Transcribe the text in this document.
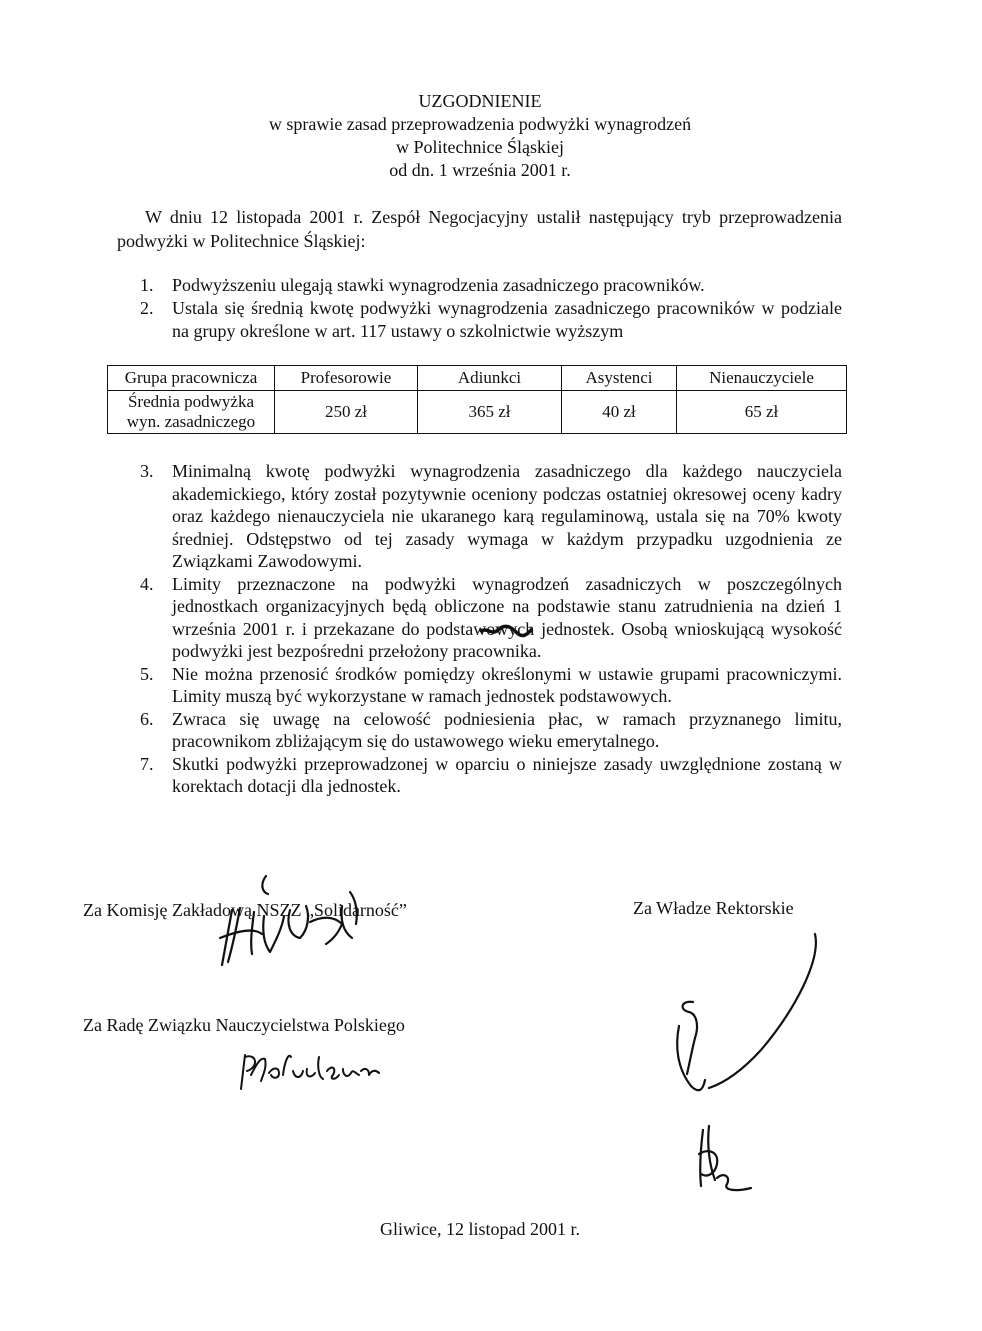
UZGODNIENIE
w sprawie zasad przeprowadzenia podwyżki wynagrodzeń
w Politechnice Śląskiej
od dn. 1 września 2001 r.

W dniu 12 listopada 2001 r. Zespół Negocjacyjny ustalił następujący tryb przeprowadzenia podwyżki w Politechnice Śląskiej:

1. Podwyższeniu ulegają stawki wynagrodzenia zasadniczego pracowników.
2. Ustala się średnią kwotę podwyżki wynagrodzenia zasadniczego pracowników w podziale na grupy określone w art. 117 ustawy o szkolnictwie wyższym
Grupa pracownicza	Profesorowie	Adiunkci	Asystenci	Nienauczyciele
Średnia podwyżka wyn. zasadniczego	250 zł	365 zł	40 zł	65 zł
3. Minimalną kwotę podwyżki wynagrodzenia zasadniczego dla każdego nauczyciela akademickiego, który został pozytywnie oceniony podczas ostatniej okresowej oceny kadry oraz każdego nienauczyciela nie ukaranego karą regulaminową, ustala się na 70% kwoty średniej. Odstępstwo od tej zasady wymaga w każdym przypadku uzgodnienia ze Związkami Zawodowymi.
4. Limity przeznaczone na podwyżki wynagrodzeń zasadniczych w poszczególnych jednostkach organizacyjnych będą obliczone na podstawie stanu zatrudnienia na dzień 1 września 2001 r. i przekazane do podstawowych jednostek. Osobą wnioskującą wysokość podwyżki jest bezpośredni przełożony pracownika.
5. Nie można przenosić środków pomiędzy określonymi w ustawie grupami pracowniczymi. Limity muszą być wykorzystane w ramach jednostek podstawowych.
6. Zwraca się uwagę na celowość podniesienia płac, w ramach przyznanego limitu, pracownikom zbliżającym się do ustawowego wieku emerytalnego.
7. Skutki podwyżki przeprowadzonej w oparciu o niniejsze zasady uwzględnione zostaną w korektach dotacji dla jednostek.
Za Komisję Zakładową NSZZ „Solidarność”	Za Władze Rektorskie
Za Radę Związku Nauczycielstwa Polskiego
Gliwice, 12 listopad 2001 r.
